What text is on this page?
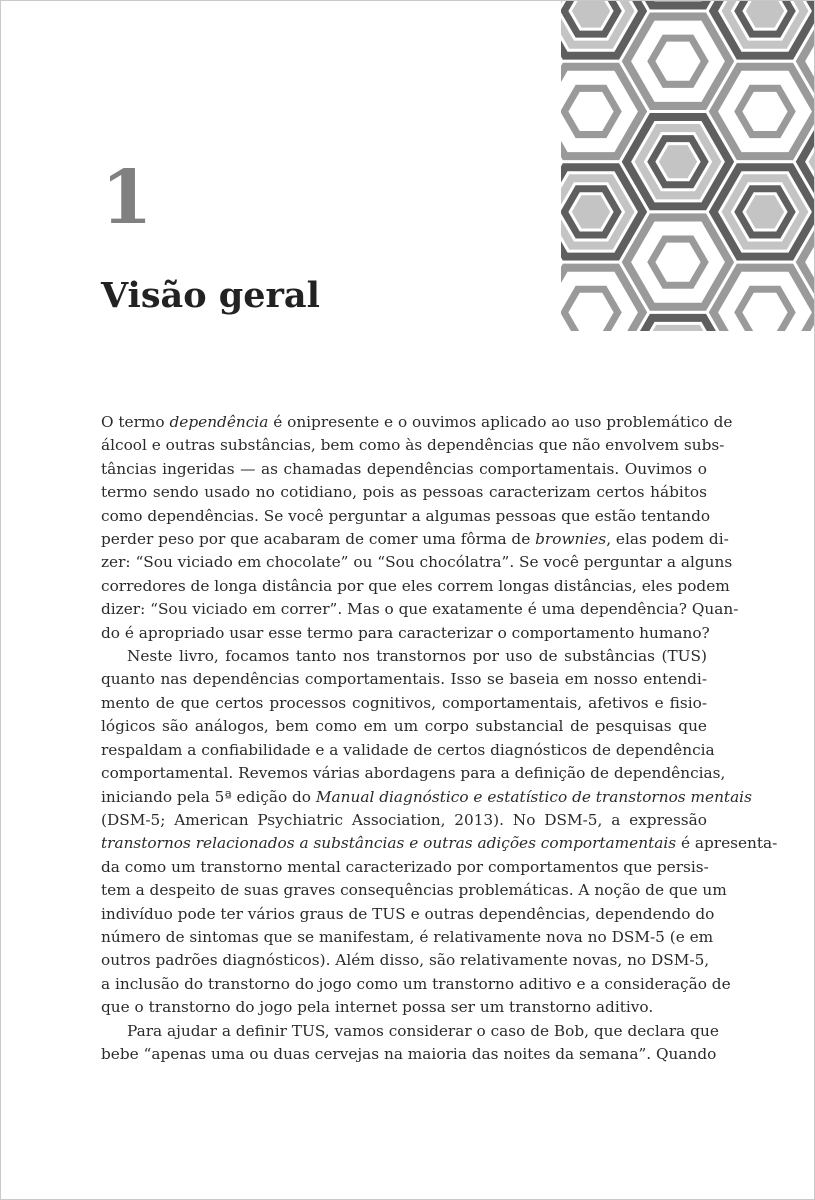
1
Visão geral
O termo dependência é onipresente e o ouvimos aplicado ao uso problemático de
álcool e outras substâncias, bem como às dependências que não envolvem subs-
tâncias ingeridas — as chamadas dependências comportamentais. Ouvimos o
termo sendo usado no cotidiano, pois as pessoas caracterizam certos hábitos
como dependências. Se você perguntar a algumas pessoas que estão tentando
perder peso por que acabaram de comer uma fôrma de brownies, elas podem di-
zer: “Sou viciado em chocolate” ou “Sou chocólatra”. Se você perguntar a alguns
corredores de longa distância por que eles correm longas distâncias, eles podem
dizer: “Sou viciado em correr”. Mas o que exatamente é uma dependência? Quan-
do é apropriado usar esse termo para caracterizar o comportamento humano?
Neste livro, focamos tanto nos transtornos por uso de substâncias (TUS)
quanto nas dependências comportamentais. Isso se baseia em nosso entendi-
mento de que certos processos cognitivos, comportamentais, afetivos e fisio-
lógicos são análogos, bem como em um corpo substancial de pesquisas que
respaldam a confiabilidade e a validade de certos diagnósticos de dependência
comportamental. Revemos várias abordagens para a definição de dependências,
iniciando pela 5ª edição do Manual diagnóstico e estatístico de transtornos mentais
(DSM-5; American Psychiatric Association, 2013). No DSM-5, a expressão
transtornos relacionados a substâncias e outras adições comportamentais é apresenta-
da como um transtorno mental caracterizado por comportamentos que persis-
tem a despeito de suas graves consequências problemáticas. A noção de que um
indivíduo pode ter vários graus de TUS e outras dependências, dependendo do
número de sintomas que se manifestam, é relativamente nova no DSM-5 (e em
outros padrões diagnósticos). Além disso, são relativamente novas, no DSM-5,
a inclusão do transtorno do jogo como um transtorno aditivo e a consideração de
que o transtorno do jogo pela internet possa ser um transtorno aditivo.
Para ajudar a definir TUS, vamos considerar o caso de Bob, que declara que
bebe “apenas uma ou duas cervejas na maioria das noites da semana”. Quando
